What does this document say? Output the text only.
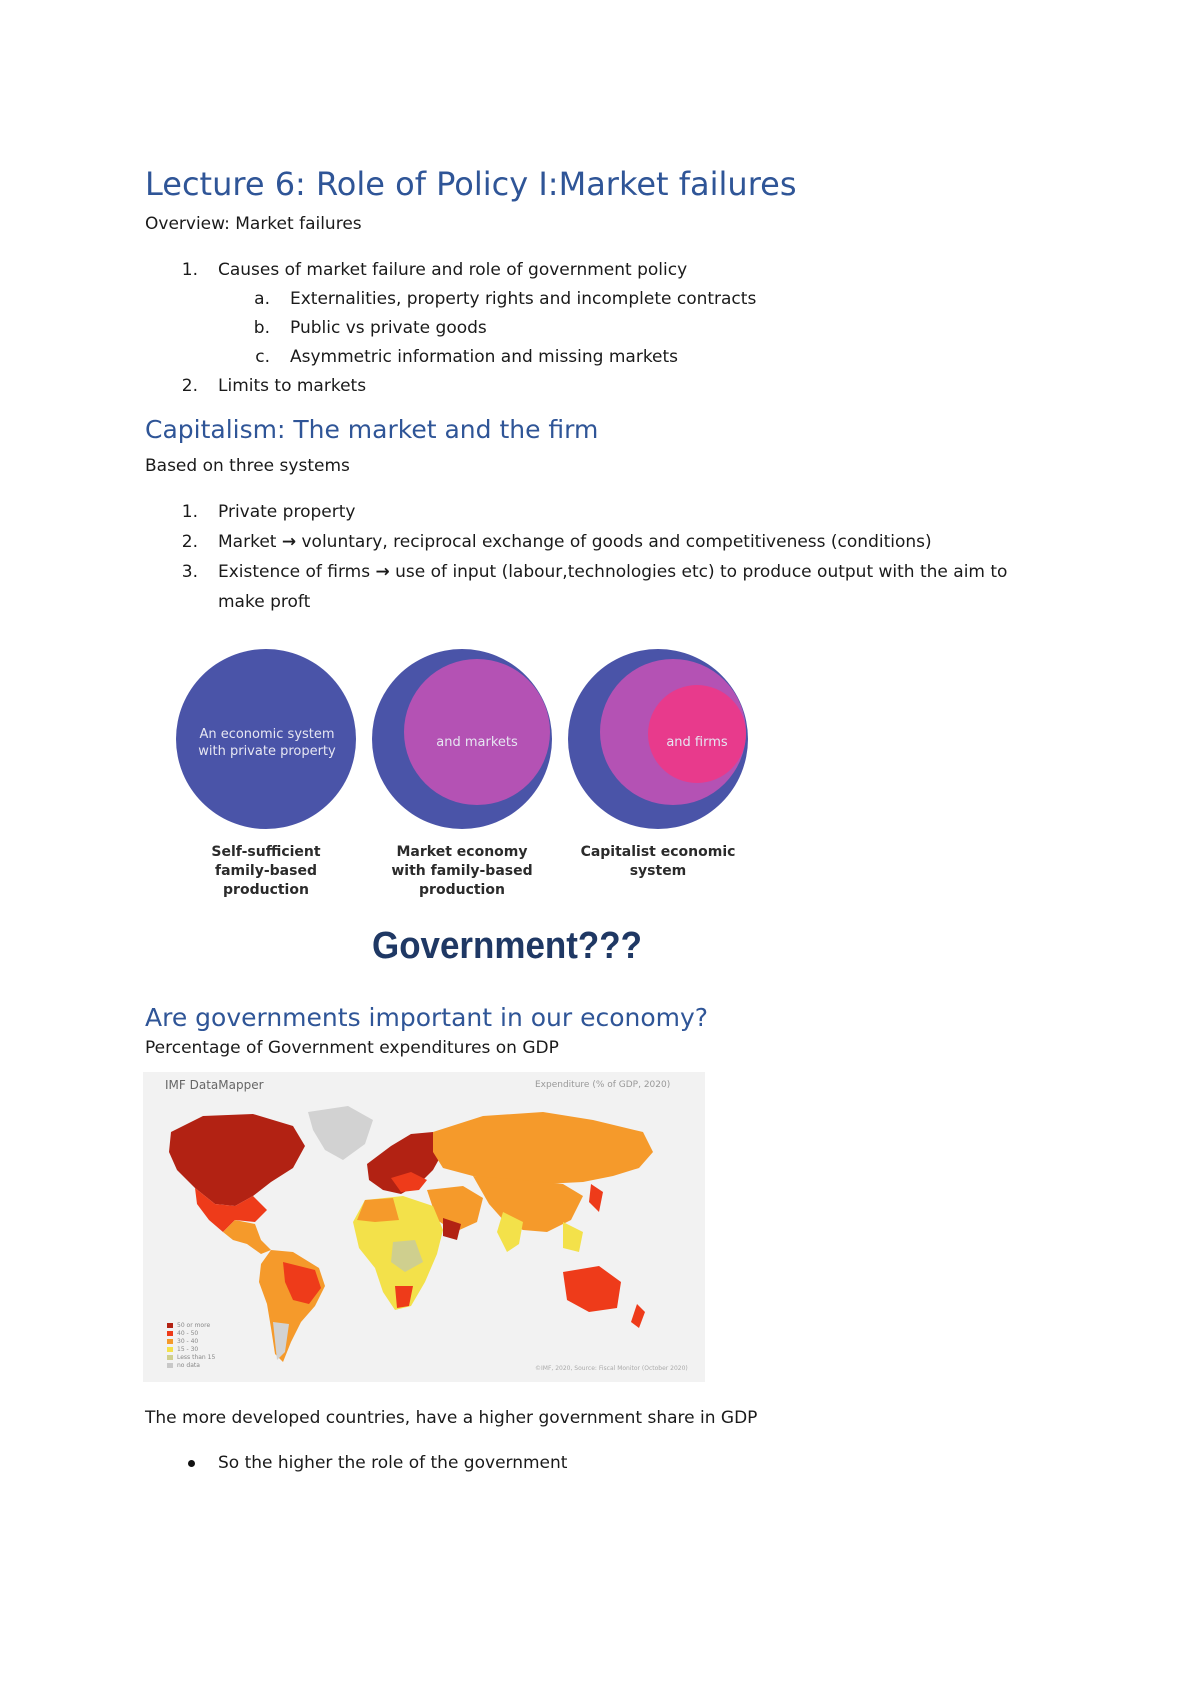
Lecture 6: Role of Policy I:Market failures
Overview: Market failures
1. Causes of market failure and role of government policy
a. Externalities, property rights and incomplete contracts
b. Public vs private goods
c. Asymmetric information and missing markets
2. Limits to markets
Capitalism: The market and the firm
Based on three systems
1. Private property
2. Market → voluntary, reciprocal exchange of goods and competitiveness (conditions)
3. Existence of firms → use of input (labour,technologies etc) to produce output with the aim to
make proft
An economic system with private property
and markets	and firms
Self-sufficient
family-based
production
Market economy
with family-based
production
Capitalist economic
system
Government???
Are governments important in our economy?
Percentage of Government expenditures on GDP
IMF DataMapper	Expenditure (% of GDP, 2020)
50 or more
40 - 50
30 - 40
15 - 30
Less than 15
no data	©IMF, 2020, Source: Fiscal Monitor (October 2020)
The more developed countries, have a higher government share in GDP
So the higher the role of the government
